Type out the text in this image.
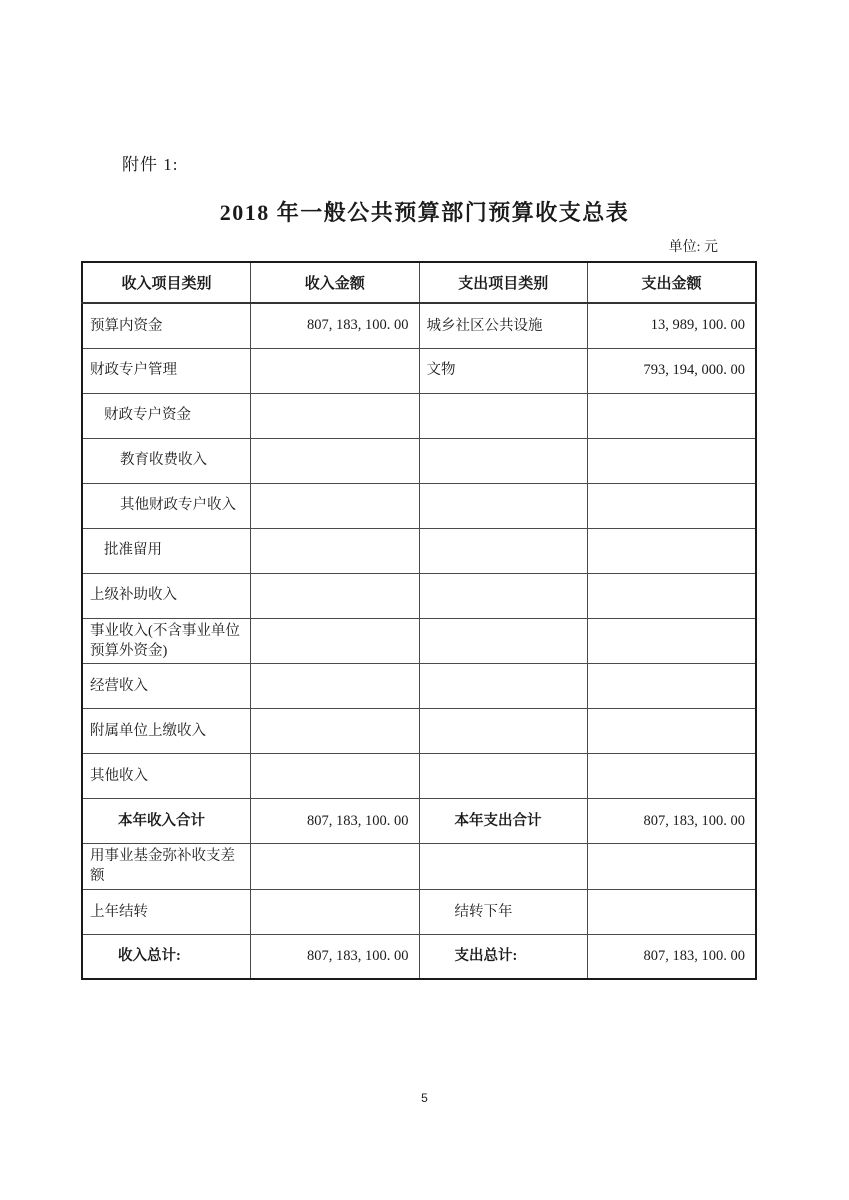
附件 1:
2018 年一般公共预算部门预算收支总表
单位: 元
收入项目类别	收入金额	支出项目类别	支出金额
预算内资金	807, 183, 100. 00	城乡社区公共设施	13, 989, 100. 00
财政专户管理		文物	793, 194, 000. 00
财政专户资金			
教育收费收入			
其他财政专户收入			
批准留用			
上级补助收入			
事业收入(不含事业单位预算外资金)			
经营收入			
附属单位上缴收入			
其他收入			
本年收入合计	807, 183, 100. 00	本年支出合计	807, 183, 100. 00
用事业基金弥补收支差额			
上年结转		结转下年	
收入总计:	807, 183, 100. 00	支出总计:	807, 183, 100. 00
5
